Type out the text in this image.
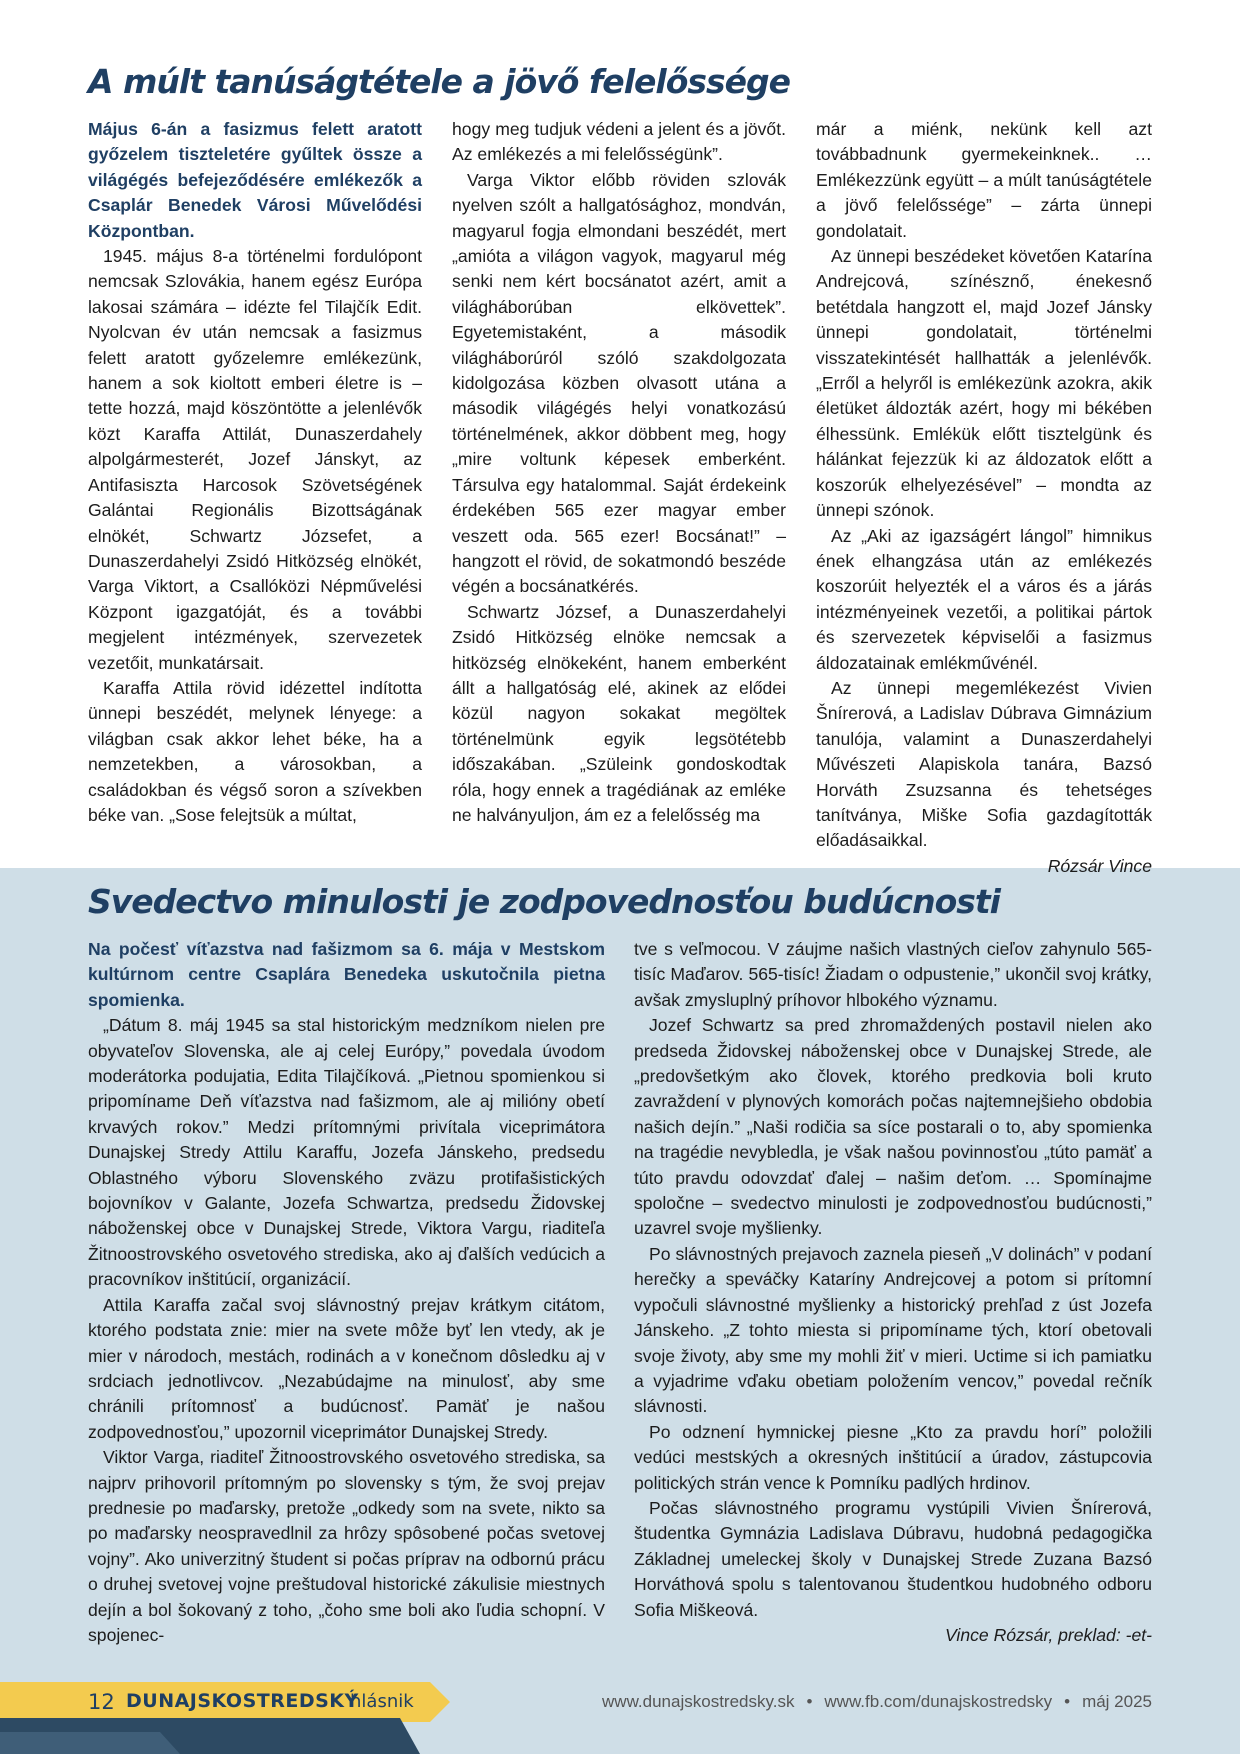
A múlt tanúságtétele a jövő felelőssége

Május 6-án a fasizmus felett aratott győzelem tiszteletére gyűltek össze a világégés befejeződésére emlékezők a Csaplár Benedek Városi Művelődési Központban.

1945. május 8-a történelmi fordulópont nemcsak Szlovákia, hanem egész Európa lakosai számára – idézte fel Tilajčík Edit. Nyolcvan év után nemcsak a fasizmus felett aratott győzelemre emlékezünk, hanem a sok kioltott emberi életre is – tette hozzá, majd köszöntötte a jelenlévők közt Karaffa Attilát, Dunaszerdahely alpolgármesterét, Jozef Jánskyt, az Antifasiszta Harcosok Szövetségének Galántai Regionális Bizottságának elnökét, Schwartz Józsefet, a Dunaszerdahelyi Zsidó Hitközség elnökét, Varga Viktort, a Csallóközi Népművelési Központ igazgatóját, és a további megjelent intézmények, szervezetek vezetőit, munkatársait.

Karaffa Attila rövid idézettel indította ünnepi beszédét, melynek lényege: a világban csak akkor lehet béke, ha a nemzetekben, a városokban, a családokban és végső soron a szívekben béke van. „Sose felejtsük a múltat,

hogy meg tudjuk védeni a jelent és a jövőt. Az emlékezés a mi felelősségünk”.

Varga Viktor előbb röviden szlovák nyelven szólt a hallgatósághoz, mondván, magyarul fogja elmondani beszédét, mert „amióta a világon vagyok, magyarul még senki nem kért bocsánatot azért, amit a világháborúban elkövettek”. Egyetemistaként, a második világháborúról szóló szakdolgozata kidolgozása közben olvasott utána a második világégés helyi vonatkozású történelmének, akkor döbbent meg, hogy „mire voltunk képesek emberként. Társulva egy hatalommal. Saját érdekeink érdekében 565 ezer magyar ember veszett oda. 565 ezer! Bocsánat!” – hangzott el rövid, de sokatmondó beszéde végén a bocsánatkérés.

Schwartz József, a Dunaszerdahelyi Zsidó Hitközség elnöke nemcsak a hitközség elnökeként, hanem emberként állt a hallgatóság elé, akinek az elődei közül nagyon sokakat megöltek történelmünk egyik legsötétebb időszakában. „Szüleink gondoskodtak róla, hogy ennek a tragédiának az emléke ne halványuljon, ám ez a felelősség ma

már a miénk, nekünk kell azt továbbadnunk gyermekeinknek.. … Emlékezzünk együtt – a múlt tanúságtétele a jövő felelőssége” – zárta ünnepi gondolatait.

Az ünnepi beszédeket követően Katarína Andrejcová, színésznő, énekesnő betétdala hangzott el, majd Jozef Jánsky ünnepi gondolatait, történelmi visszatekintését hallhatták a jelenlévők. „Erről a helyről is emlékezünk azokra, akik életüket áldozták azért, hogy mi békében élhessünk. Emlékük előtt tisztelgünk és hálánkat fejezzük ki az áldozatok előtt a koszorúk elhelyezésével” – mondta az ünnepi szónok.

Az „Aki az igazságért lángol” himnikus ének elhangzása után az emlékezés koszorúit helyezték el a város és a járás intézményeinek vezetői, a politikai pártok és szervezetek képviselői a fasizmus áldozatainak emlékművénél.

Az ünnepi megemlékezést Vivien Šnírerová, a Ladislav Dúbrava Gimnázium tanulója, valamint a Dunaszerdahelyi Művészeti Alapiskola tanára, Bazsó Horváth Zsuzsanna és tehetséges tanítványa, Miške Sofia gazdagították előadásaikkal.

Rózsár Vince

Svedectvo minulosti je zodpovednosťou budúcnosti

Na počesť víťazstva nad fašizmom sa 6. mája v Mestskom kultúrnom centre Csaplára Benedeka uskutočnila pietna spomienka.

„Dátum 8. máj 1945 sa stal historickým medzníkom nielen pre obyvateľov Slovenska, ale aj celej Európy,” povedala úvodom moderátorka podujatia, Edita Tilajčíková. „Pietnou spomienkou si pripomíname Deň víťazstva nad fašizmom, ale aj milióny obetí krvavých rokov.” Medzi prítomnými privítala viceprimátora Dunajskej Stredy Attilu Karaffu, Jozefa Jánskeho, predsedu Oblastného výboru Slovenského zväzu protifašistických bojovníkov v Galante, Jozefa Schwartza, predsedu Židovskej náboženskej obce v Dunajskej Strede, Viktora Vargu, riaditeľa Žitnoostrovského osvetového strediska, ako aj ďalších vedúcich a pracovníkov inštitúcií, organizácií.

Attila Karaffa začal svoj slávnostný prejav krátkym citátom, ktorého podstata znie: mier na svete môže byť len vtedy, ak je mier v národoch, mestách, rodinách a v konečnom dôsledku aj v srdciach jednotlivcov. „Nezabúdajme na minulosť, aby sme chránili prítomnosť a budúcnosť. Pamäť je našou zodpovednosťou,” upozornil viceprimátor Dunajskej Stredy.

Viktor Varga, riaditeľ Žitnoostrovského osvetového strediska, sa najprv prihovoril prítomným po slovensky s tým, že svoj prejav prednesie po maďarsky, pretože „odkedy som na svete, nikto sa po maďarsky neospravedlnil za hrôzy spôsobené počas svetovej vojny”. Ako univerzitný študent si počas príprav na odbornú prácu o druhej svetovej vojne preštudoval historické zákulisie miestnych dejín a bol šokovaný z toho, „čoho sme boli ako ľudia schopní. V spojenec-

tve s veľmocou. V záujme našich vlastných cieľov zahynulo 565-tisíc Maďarov. 565-tisíc! Žiadam o odpustenie,” ukončil svoj krátky, avšak zmysluplný príhovor hlbokého významu.

Jozef Schwartz sa pred zhromaždených postavil nielen ako predseda Židovskej náboženskej obce v Dunajskej Strede, ale „predovšetkým ako človek, ktorého predkovia boli kruto zavraždení v plynových komorách počas najtemnejšieho obdobia našich dejín.” „Naši rodičia sa síce postarali o to, aby spomienka na tragédie nevybledla, je však našou povinnosťou „túto pamäť a túto pravdu odovzdať ďalej – našim deťom. … Spomínajme spoločne – svedectvo minulosti je zodpovednosťou budúcnosti,” uzavrel svoje myšlienky.

Po slávnostných prejavoch zaznela pieseň „V dolinách” v podaní herečky a speváčky Kataríny Andrejcovej a potom si prítomní vypočuli slávnostné myšlienky a historický prehľad z úst Jozefa Jánskeho. „Z tohto miesta si pripomíname tých, ktorí obetovali svoje životy, aby sme my mohli žiť v mieri. Uctime si ich pamiatku a vyjadrime vďaku obetiam položením vencov,” povedal rečník slávnosti.

Po odznení hymnickej piesne „Kto za pravdu horí” položili vedúci mestských a okresných inštitúcií a úradov, zástupcovia politických strán vence k Pomníku padlých hrdinov.

Počas slávnostného programu vystúpili Vivien Šnírerová, študentka Gymnázia Ladislava Dúbravu, hudobná pedagogička Základnej umeleckej školy v Dunajskej Strede Zuzana Bazsó Horváthová spolu s talentovanou študentkou hudobného odboru Sofia Miškeová.

Vince Rózsár, preklad: -et-

12 DUNAJSKOSTREDSKÝ
hlásnik	www.dunajskostredsky.sk • www.fb.com/dunajskostredsky • máj 2025
